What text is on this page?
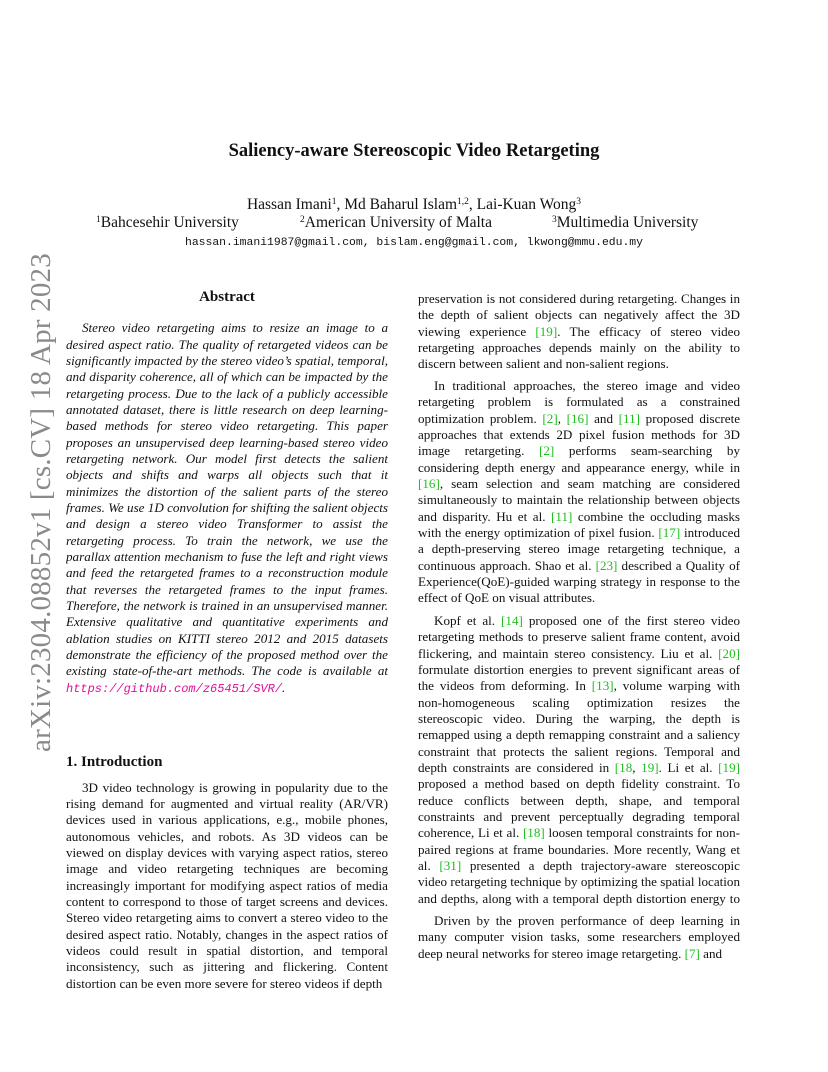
arXiv:2304.08852v1 [cs.CV] 18 Apr 2023
Saliency-aware Stereoscopic Video Retargeting
Hassan Imani$^1$, Md Baharul Islam$^{1,2}$, Lai-Kuan Wong$^3$
$^1$Bahcesehir University	$^2$American University of Malta	$^3$Multimedia University
hassan.imani1987@gmail.com, bislam.eng@gmail.com, lkwong@mmu.edu.my
Abstract

Stereo video retargeting aims to resize an image to a desired aspect ratio. The quality of retargeted videos can be significantly impacted by the stereo video’s spatial, temporal, and disparity coherence, all of which can be impacted by the retargeting process. Due to the lack of a publicly accessible annotated dataset, there is little research on deep learning-based methods for stereo video retargeting. This paper proposes an unsupervised deep learning-based stereo video retargeting network. Our model first detects the salient objects and shifts and warps all objects such that it minimizes the distortion of the salient parts of the stereo frames. We use 1D convolution for shifting the salient objects and design a stereo video Transformer to assist the retargeting process. To train the network, we use the parallax attention mechanism to fuse the left and right views and feed the retargeted frames to a reconstruction module that reverses the retargeted frames to the input frames. Therefore, the network is trained in an unsupervised manner. Extensive qualitative and quantitative experiments and ablation studies on KITTI stereo 2012 and 2015 datasets demonstrate the efficiency of the proposed method over the existing state-of-the-art methods. The code is available at https://github.com/z65451/SVR/.

1. Introduction

3D video technology is growing in popularity due to the rising demand for augmented and virtual reality (AR/VR) devices used in various applications, e.g., mobile phones, autonomous vehicles, and robots. As 3D videos can be viewed on display devices with varying aspect ratios, stereo image and video retargeting techniques are becoming increasingly important for modifying aspect ratios of media content to correspond to those of target screens and devices. Stereo video retargeting aims to convert a stereo video to the desired aspect ratio. Notably, changes in the aspect ratios of videos could result in spatial distortion, and temporal inconsistency, such as jittering and flickering. Content distortion can be even more severe for stereo videos if depth

preservation is not considered during retargeting. Changes in the depth of salient objects can negatively affect the 3D viewing experience [19]. The efficacy of stereo video retargeting approaches depends mainly on the ability to discern between salient and non-salient regions.

In traditional approaches, the stereo image and video retargeting problem is formulated as a constrained optimization problem. [2], [16] and [11] proposed discrete approaches that extends 2D pixel fusion methods for 3D image retargeting. [2] performs seam-searching by considering depth energy and appearance energy, while in [16], seam selection and seam matching are considered simultaneously to maintain the relationship between objects and disparity. Hu et al. [11] combine the occluding masks with the energy optimization of pixel fusion. [17] introduced a depth-preserving stereo image retargeting technique, a continuous approach. Shao et al. [23] described a Quality of Experience(QoE)-guided warping strategy in response to the effect of QoE on visual attributes.

Kopf et al. [14] proposed one of the first stereo video retargeting methods to preserve salient frame content, avoid flickering, and maintain stereo consistency. Liu et al. [20] formulate distortion energies to prevent significant areas of the videos from deforming. In [13], volume warping with non-homogeneous scaling optimization resizes the stereoscopic video. During the warping, the depth is remapped using a depth remapping constraint and a saliency constraint that protects the salient regions. Temporal and depth constraints are considered in [18, 19]. Li et al. [19] proposed a method based on depth fidelity constraint. To reduce conflicts between depth, shape, and temporal constraints and prevent perceptually degrading temporal coherence, Li et al. [18] loosen temporal constraints for non-paired regions at frame boundaries. More recently, Wang et al. [31] presented a depth trajectory-aware stereoscopic video retargeting technique by optimizing the spatial location and depths, along with a temporal depth distortion energy to

Driven by the proven performance of deep learning in many computer vision tasks, some researchers employed deep neural networks for stereo image retargeting. [7] and
